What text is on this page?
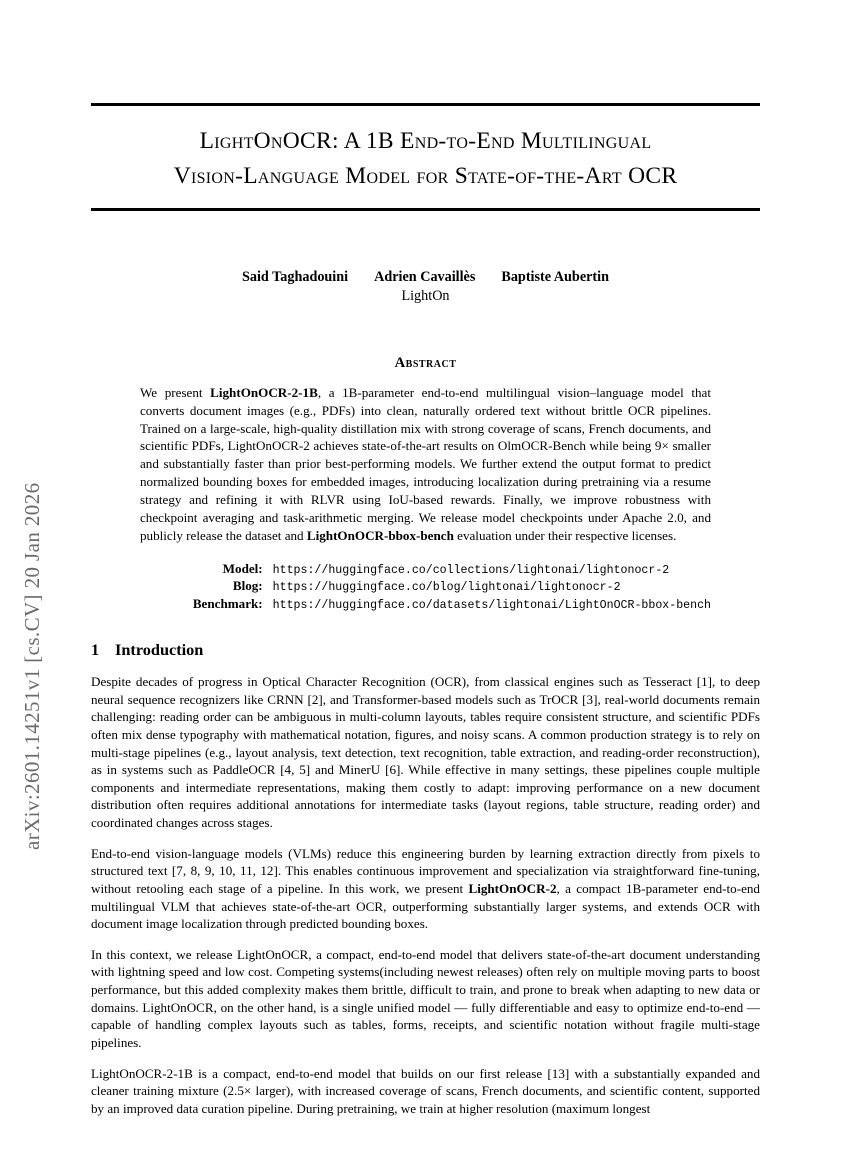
arXiv:2601.14251v1 [cs.CV] 20 Jan 2026
LightOnOCR: A 1B End-to-End Multilingual
Vision-Language Model for State-of-the-Art OCR
Said Taghadouini Adrien Cavaillès Baptiste Aubertin
LightOn
Abstract
We present LightOnOCR-2-1B, a 1B-parameter end-to-end multilingual vision–language model that converts document images (e.g., PDFs) into clean, naturally ordered text without brittle OCR pipelines. Trained on a large-scale, high-quality distillation mix with strong coverage of scans, French documents, and scientific PDFs, LightOnOCR-2 achieves state-of-the-art results on OlmOCR-Bench while being 9× smaller and substantially faster than prior best-performing models. We further extend the output format to predict normalized bounding boxes for embedded images, introducing localization during pretraining via a resume strategy and refining it with RLVR using IoU-based rewards. Finally, we improve robustness with checkpoint averaging and task-arithmetic merging. We release model checkpoints under Apache 2.0, and publicly release the dataset and LightOnOCR-bbox-bench evaluation under their respective licenses.
Model:	https://huggingface.co/collections/lightonai/lightonocr-2
Blog:	https://huggingface.co/blog/lightonai/lightonocr-2
Benchmark:	https://huggingface.co/datasets/lightonai/LightOnOCR-bbox-bench
1 Introduction

Despite decades of progress in Optical Character Recognition (OCR), from classical engines such as Tesseract [1], to deep neural sequence recognizers like CRNN [2], and Transformer-based models such as TrOCR [3], real-world documents remain challenging: reading order can be ambiguous in multi-column layouts, tables require consistent structure, and scientific PDFs often mix dense typography with mathematical notation, figures, and noisy scans. A common production strategy is to rely on multi-stage pipelines (e.g., layout analysis, text detection, text recognition, table extraction, and reading-order reconstruction), as in systems such as PaddleOCR [4, 5] and MinerU [6]. While effective in many settings, these pipelines couple multiple components and intermediate representations, making them costly to adapt: improving performance on a new document distribution often requires additional annotations for intermediate tasks (layout regions, table structure, reading order) and coordinated changes across stages.

End-to-end vision-language models (VLMs) reduce this engineering burden by learning extraction directly from pixels to structured text [7, 8, 9, 10, 11, 12]. This enables continuous improvement and specialization via straightforward fine-tuning, without retooling each stage of a pipeline. In this work, we present LightOnOCR-2, a compact 1B-parameter end-to-end multilingual VLM that achieves state-of-the-art OCR, outperforming substantially larger systems, and extends OCR with document image localization through predicted bounding boxes.

In this context, we release LightOnOCR, a compact, end-to-end model that delivers state-of-the-art document understanding with lightning speed and low cost. Competing systems(including newest releases) often rely on multiple moving parts to boost performance, but this added complexity makes them brittle, difficult to train, and prone to break when adapting to new data or domains. LightOnOCR, on the other hand, is a single unified model — fully differentiable and easy to optimize end-to-end — capable of handling complex layouts such as tables, forms, receipts, and scientific notation without fragile multi-stage pipelines.

LightOnOCR-2-1B is a compact, end-to-end model that builds on our first release [13] with a substantially expanded and cleaner training mixture (2.5× larger), with increased coverage of scans, French documents, and scientific content, supported by an improved data curation pipeline. During pretraining, we train at higher resolution (maximum longest
